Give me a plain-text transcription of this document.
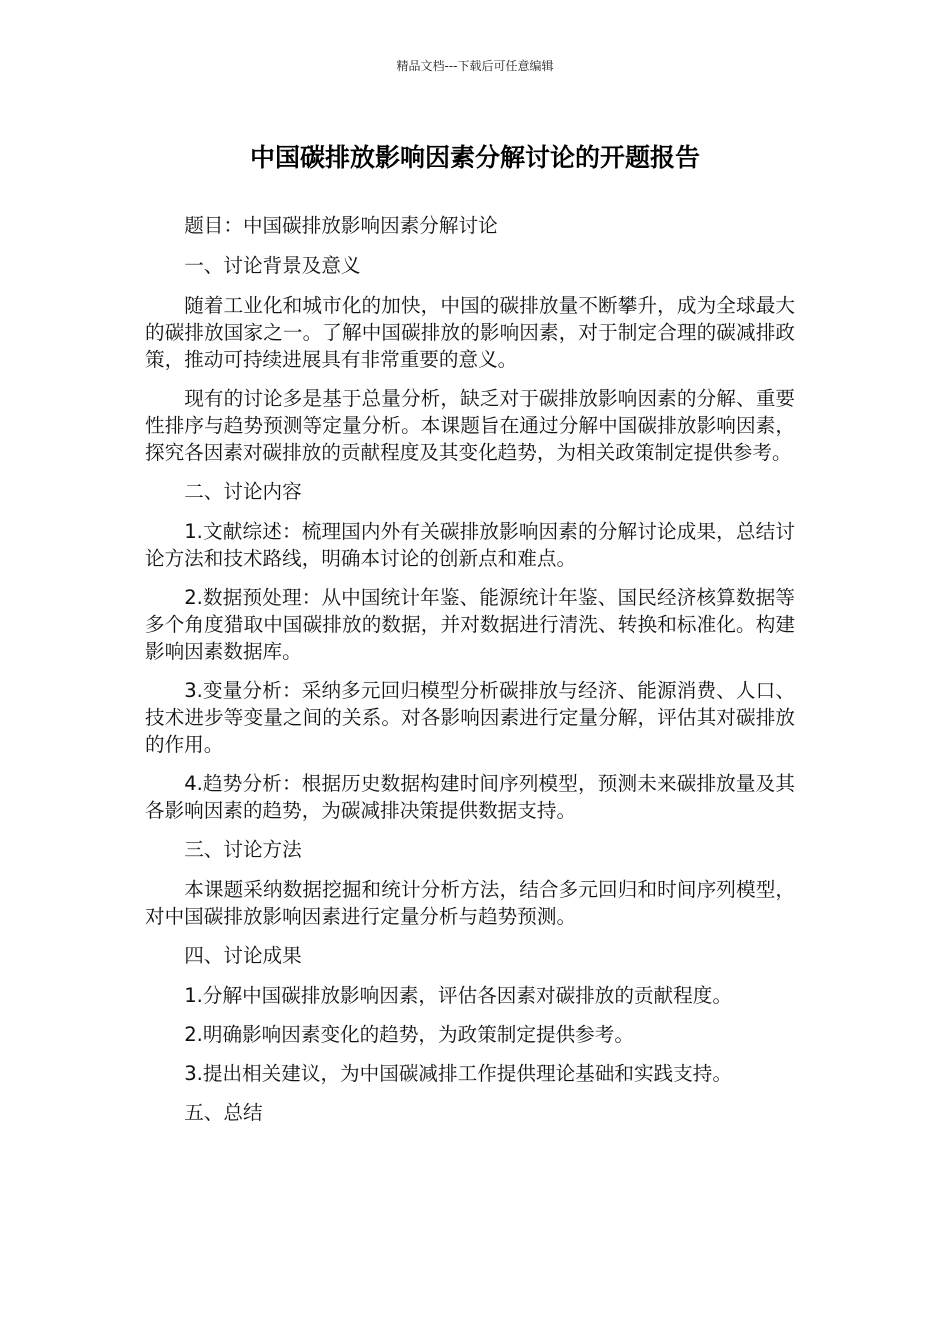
精品文档---下载后可任意编辑
中国碳排放影响因素分解讨论的开题报告

题目：中国碳排放影响因素分解讨论

一、讨论背景及意义

随着工业化和城市化的加快，中国的碳排放量不断攀升，成为全球最大的碳排放国家之一。了解中国碳排放的影响因素，对于制定合理的碳减排政策，推动可持续进展具有非常重要的意义。

现有的讨论多是基于总量分析，缺乏对于碳排放影响因素的分解、重要性排序与趋势预测等定量分析。本课题旨在通过分解中国碳排放影响因素，探究各因素对碳排放的贡献程度及其变化趋势，为相关政策制定提供参考。

二、讨论内容

1.文献综述：梳理国内外有关碳排放影响因素的分解讨论成果，总结讨论方法和技术路线，明确本讨论的创新点和难点。

2.数据预处理：从中国统计年鉴、能源统计年鉴、国民经济核算数据等多个角度猎取中国碳排放的数据，并对数据进行清洗、转换和标准化。构建影响因素数据库。

3.变量分析：采纳多元回归模型分析碳排放与经济、能源消费、人口、技术进步等变量之间的关系。对各影响因素进行定量分解，评估其对碳排放的作用。

4.趋势分析：根据历史数据构建时间序列模型，预测未来碳排放量及其各影响因素的趋势，为碳减排决策提供数据支持。

三、讨论方法

本课题采纳数据挖掘和统计分析方法，结合多元回归和时间序列模型，对中国碳排放影响因素进行定量分析与趋势预测。

四、讨论成果

1.分解中国碳排放影响因素，评估各因素对碳排放的贡献程度。

2.明确影响因素变化的趋势，为政策制定提供参考。

3.提出相关建议，为中国碳减排工作提供理论基础和实践支持。

五、总结
